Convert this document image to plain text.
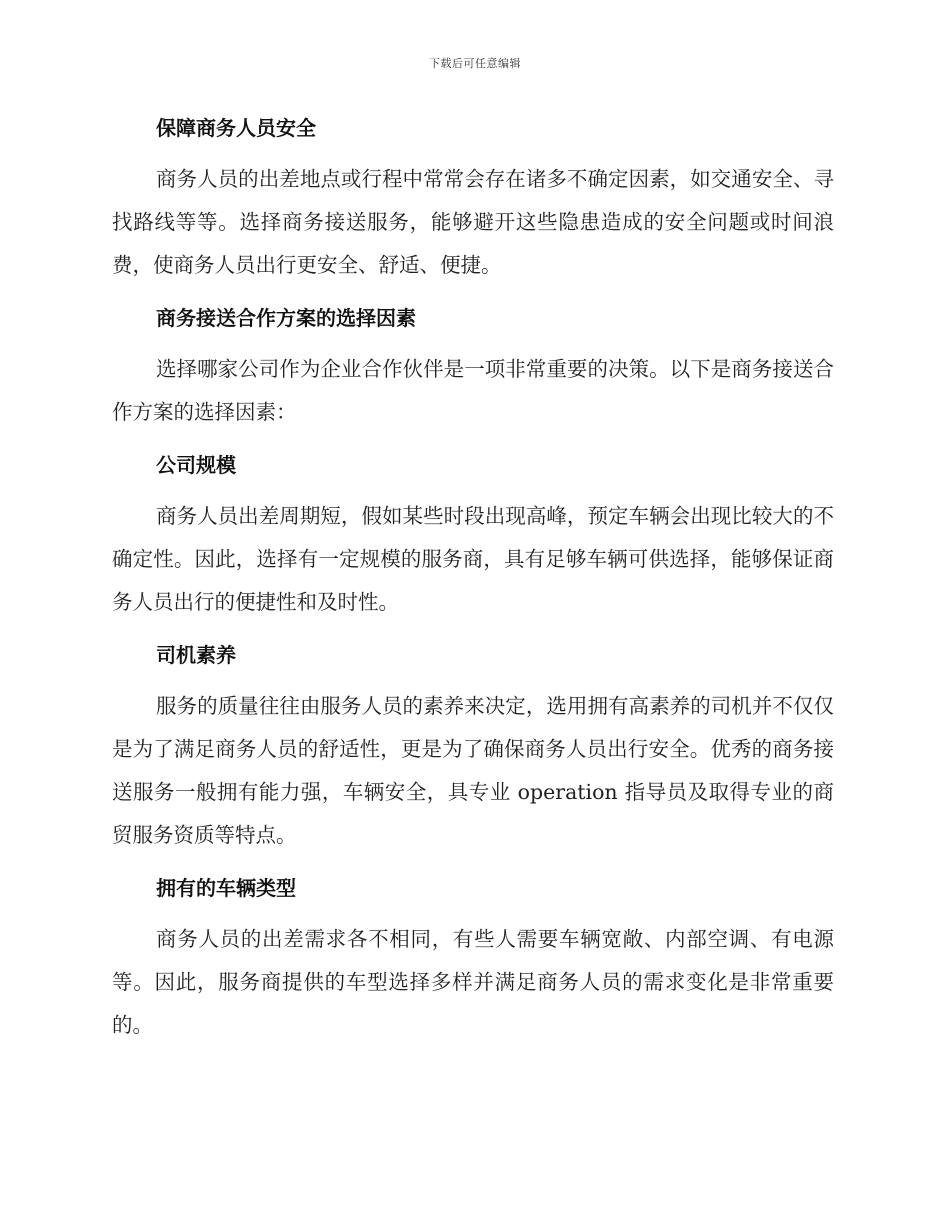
下载后可任意编辑
保障商务人员安全

商务人员的出差地点或行程中常常会存在诸多不确定因素，如交通安全、寻找路线等等。选择商务接送服务，能够避开这些隐患造成的安全问题或时间浪费，使商务人员出行更安全、舒适、便捷。

商务接送合作方案的选择因素

选择哪家公司作为企业合作伙伴是一项非常重要的决策。以下是商务接送合作方案的选择因素：

公司规模

商务人员出差周期短，假如某些时段出现高峰，预定车辆会出现比较大的不确定性。因此，选择有一定规模的服务商，具有足够车辆可供选择，能够保证商务人员出行的便捷性和及时性。

司机素养

服务的质量往往由服务人员的素养来决定，选用拥有高素养的司机并不仅仅是为了满足商务人员的舒适性，更是为了确保商务人员出行安全。优秀的商务接送服务一般拥有能力强，车辆安全，具专业 operation 指导员及取得专业的商贸服务资质等特点。

拥有的车辆类型

商务人员的出差需求各不相同，有些人需要车辆宽敞、内部空调、有电源等。因此，服务商提供的车型选择多样并满足商务人员的需求变化是非常重要的。
